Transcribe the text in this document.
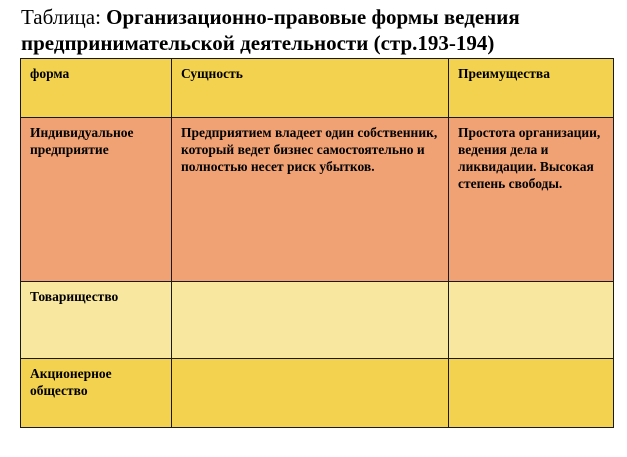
Таблица: Организационно-правовые формы ведения предпринимательской деятельности (стр.193-194)
форма	Сущность	Преимущества
Индивидуальное предприятие	Предприятием владеет один собственник, который ведет бизнес самостоятельно и полностью несет риск убытков.	Простота организации, ведения дела и ликвидации. Высокая степень свободы.
Товарищество		
Акционерное общество		
